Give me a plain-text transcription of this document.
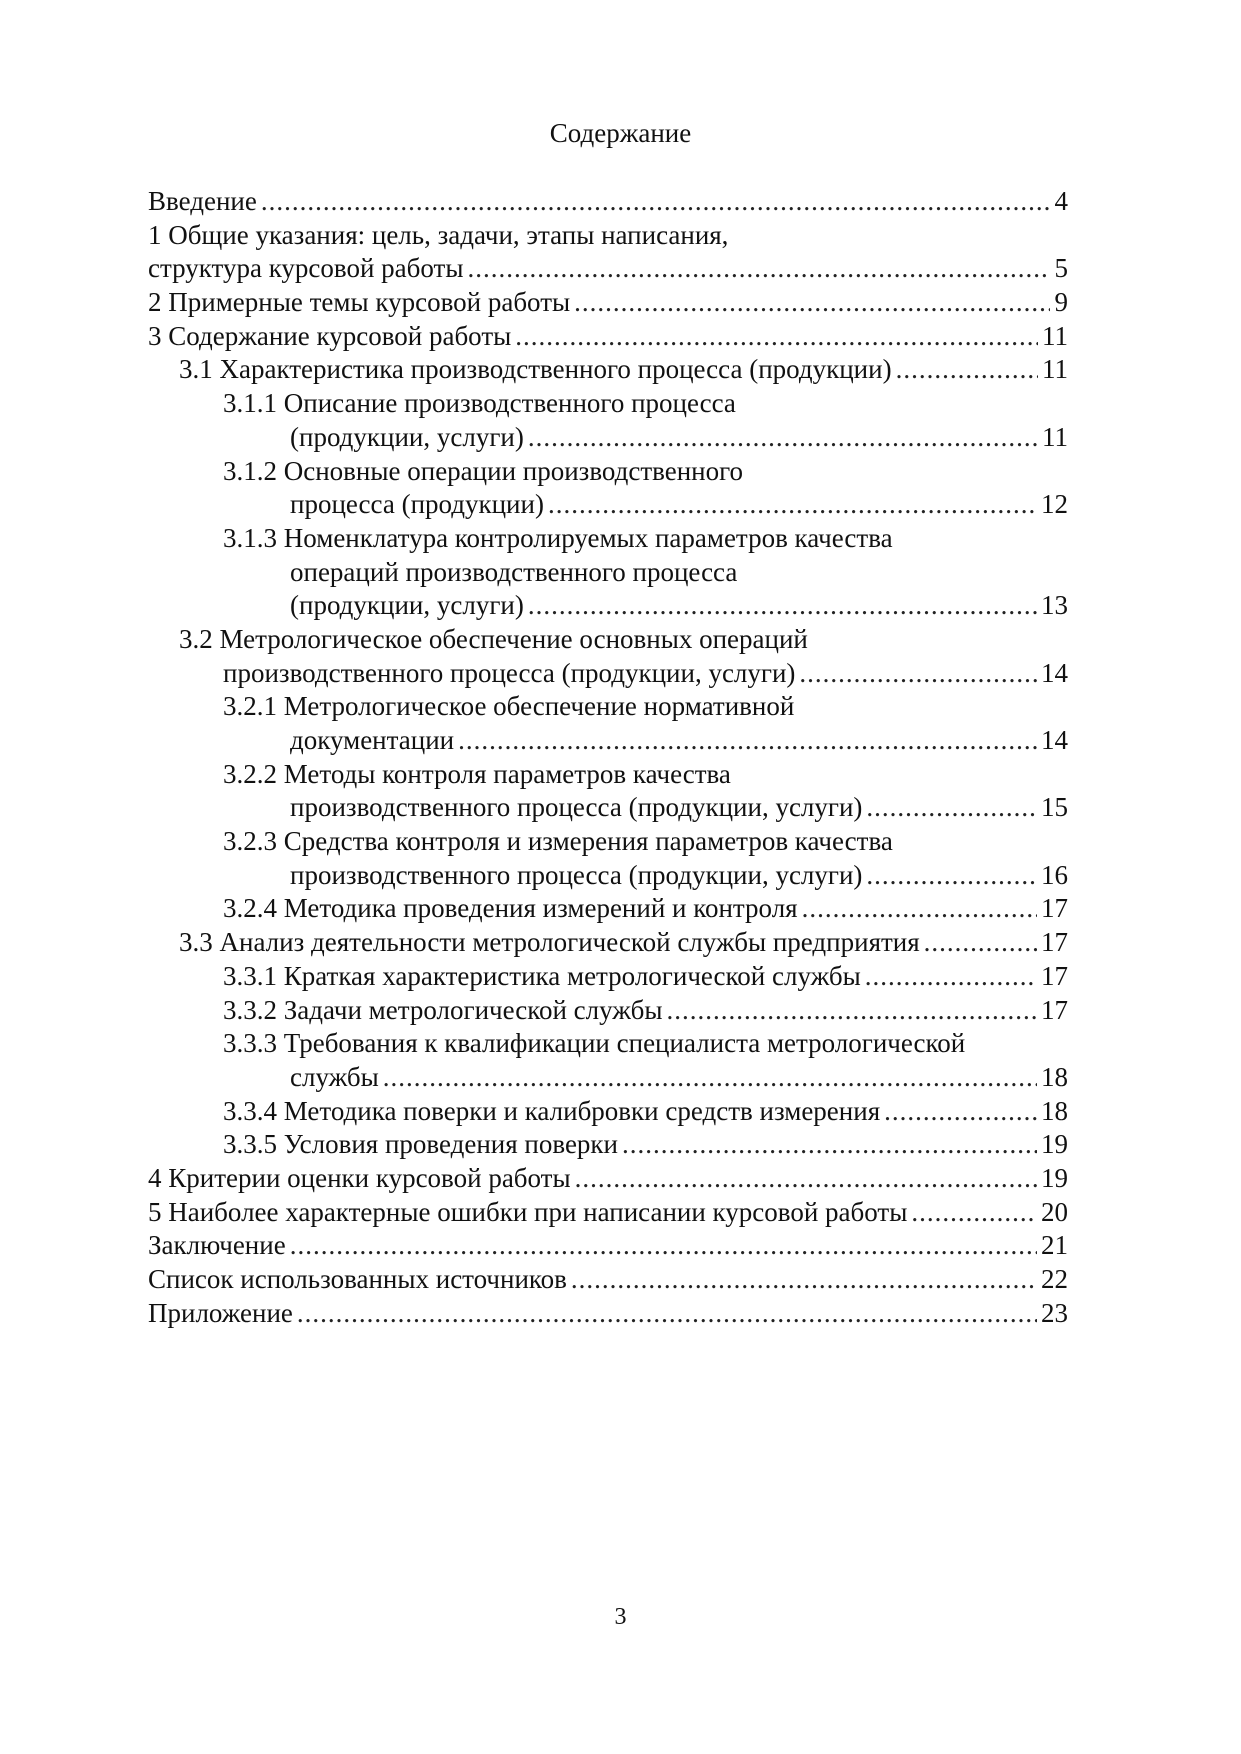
Содержание
Введение .....	4
1 Общие указания: цель, задачи, этапы написания,
структура курсовой работы .....	5
2 Примерные темы курсовой работы .....	9
3 Содержание курсовой работы .....	11
3.1 Характеристика производственного процесса (продукции) .....	11
3.1.1 Описание производственного процесса
(продукции, услуги) .....	11
3.1.2 Основные операции производственного
процесса (продукции) .....	12
3.1.3 Номенклатура контролируемых параметров качества
операций производственного процесса
(продукции, услуги) .....	13
3.2 Метрологическое обеспечение основных операций
производственного процесса (продукции, услуги) .....	14
3.2.1 Метрологическое обеспечение нормативной
документации .....	14
3.2.2 Методы контроля параметров качества
производственного процесса (продукции, услуги) .....	15
3.2.3 Средства контроля и измерения параметров качества
производственного процесса (продукции, услуги) .....	16
3.2.4 Методика проведения измерений и контроля .....	17
3.3 Анализ деятельности метрологической службы предприятия .....	17
3.3.1 Краткая характеристика метрологической службы .....	17
3.3.2 Задачи метрологической службы .....	17
3.3.3 Требования к квалификации специалиста метрологической
службы .....	18
3.3.4 Методика поверки и калибровки средств измерения .....	18
3.3.5 Условия проведения поверки .....	19
4 Критерии оценки курсовой работы .....	19
5 Наиболее характерные ошибки при написании курсовой работы .....	20
Заключение .....	21
Список использованных источников .....	22
Приложение .....	23
3
